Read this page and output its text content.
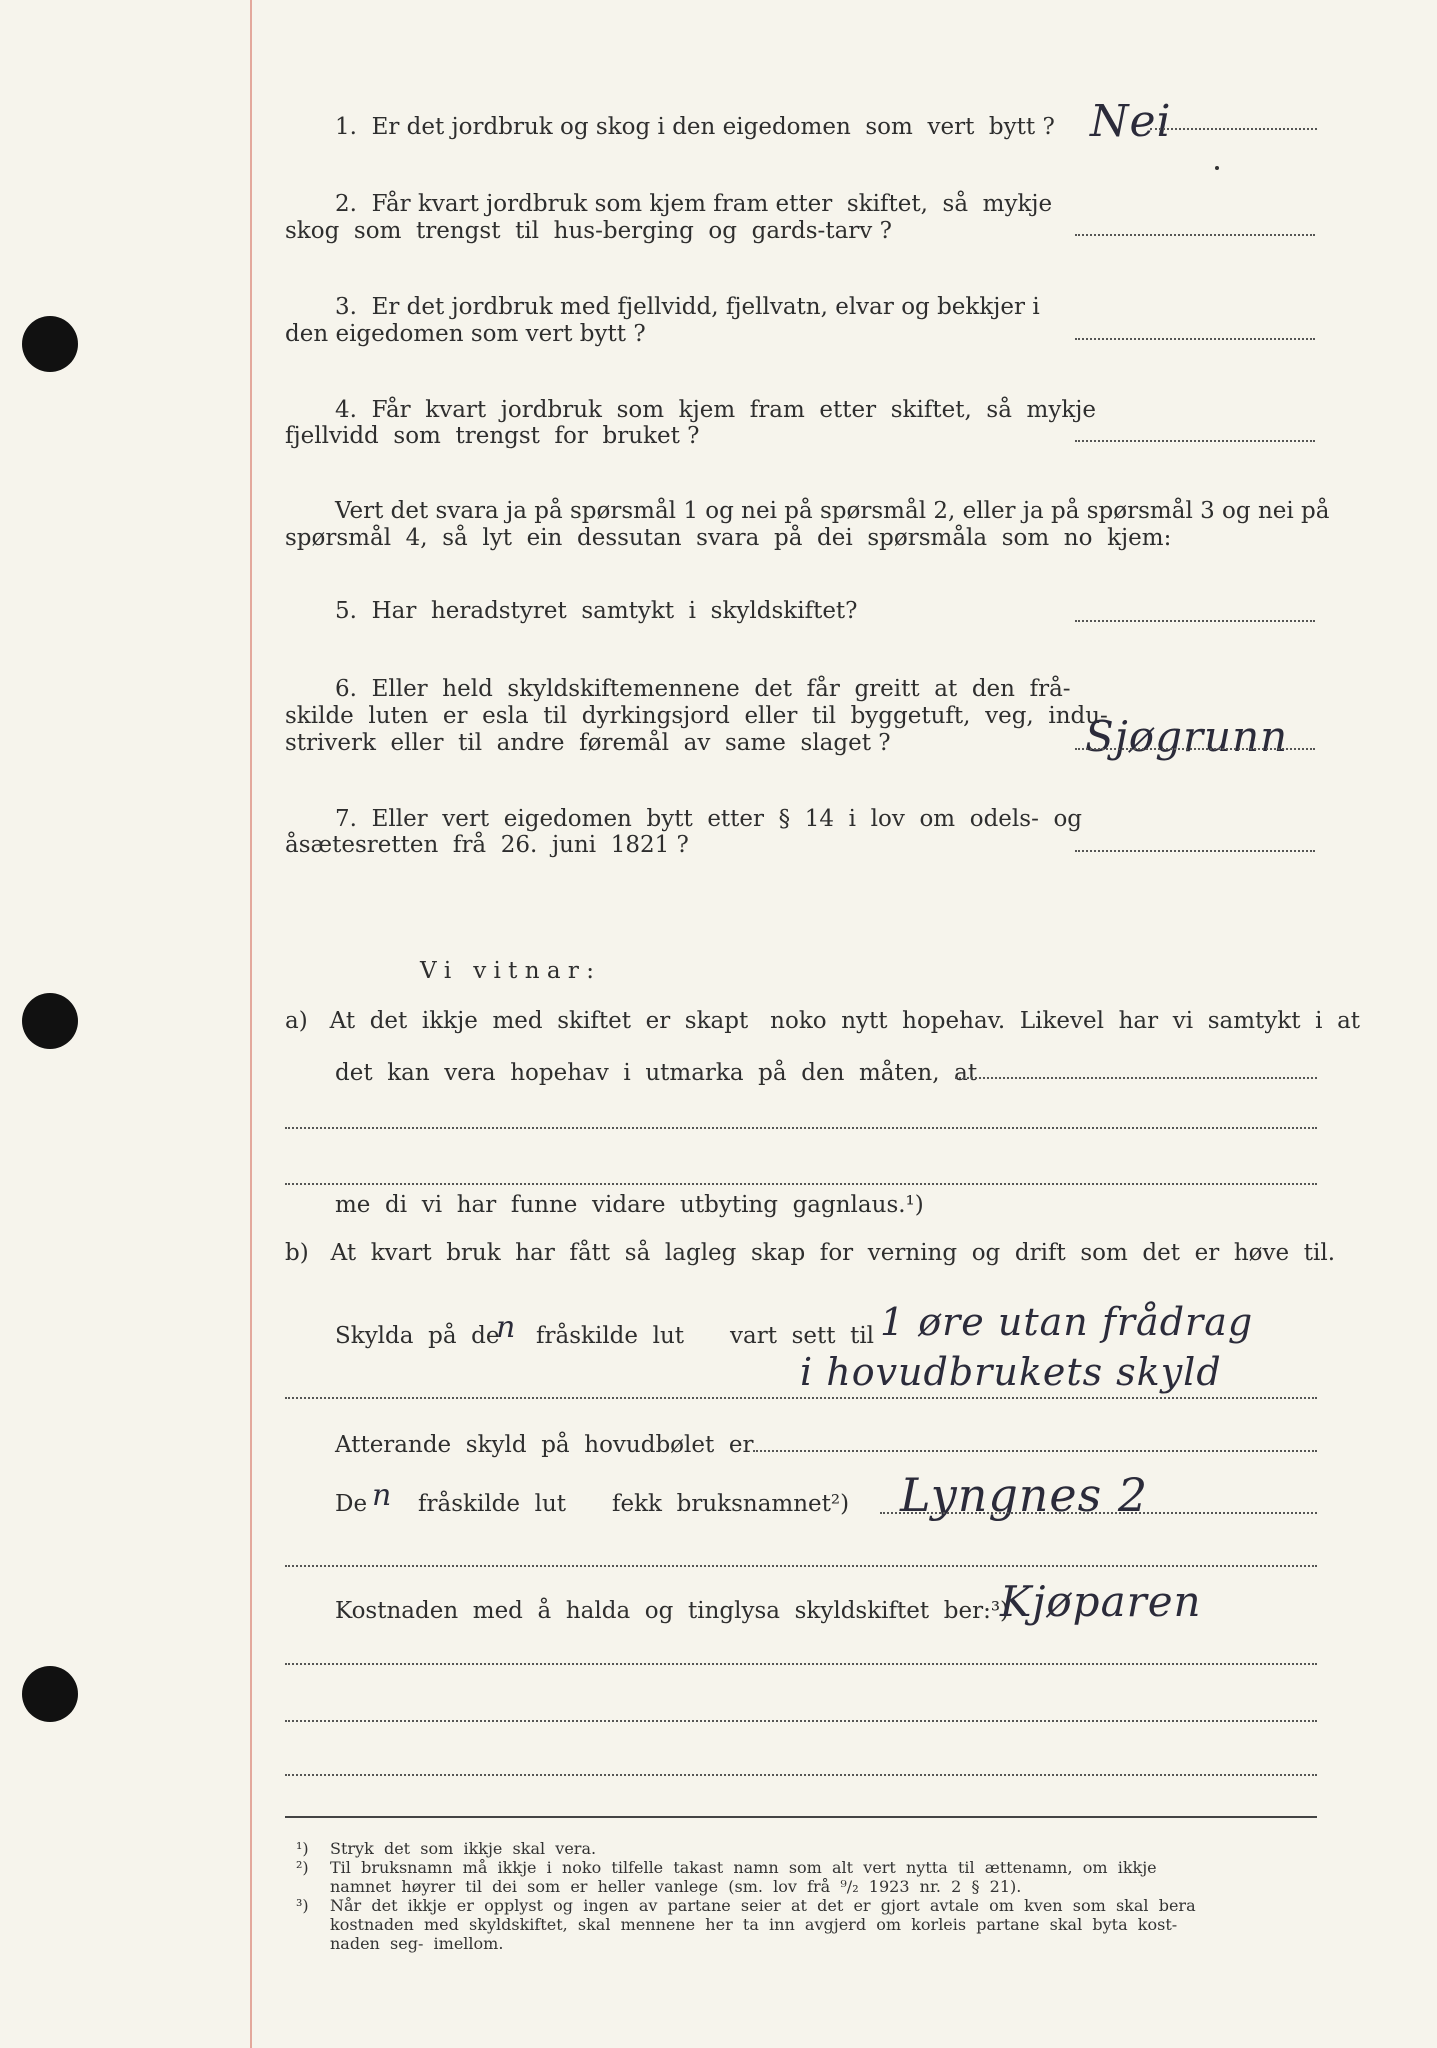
1.  Er det jordbruk og skog i den eigedomen  som  vert  bytt ? Nei
2.  Får kvart jordbruk som kjem fram etter  skiftet,  så  mykje
skog  som  trengst  til  hus-berging  og  gards-tarv ?
3.  Er det jordbruk med fjellvidd, fjellvatn, elvar og bekkjer i
den eigedomen som vert bytt ?
4.  Får  kvart  jordbruk  som  kjem  fram  etter  skiftet,  så  mykje
fjellvidd  som  trengst  for  bruket ?
Vert det svara ja på spørsmål 1 og nei på spørsmål 2, eller ja på spørsmål 3 og nei på
spørsmål  4,  så  lyt  ein  dessutan  svara  på  dei  spørsmåla  som  no  kjem:
5.  Har  heradstyret  samtykt  i  skyldskiftet?
6.  Eller  held  skyldskiftemennene  det  får  greitt  at  den  frå-
skilde  luten  er  esla  til  dyrkingsjord  eller  til  byggetuft,  veg,  indu-
striverk  eller  til  andre  føremål  av  same  slaget ?	Sjøgrunn
7.  Eller  vert  eigedomen  bytt  etter  §  14  i  lov  om  odels-  og
åsætesretten  frå  26.  juni  1821 ?
V i   v i t n a r :
a)   At  det  ikkje  med  skiftet  er  skapt   noko  nytt  hopehav.  Likevel  har  vi  samtykt  i  at
det  kan  vera  hopehav  i  utmarka  på  den  måten,  at
me  di  vi  har  funne  vidare  utbyting  gagnlaus.¹)
b)   At  kvart  bruk  har  fått  så  lagleg  skap  for  verning  og  drift  som  det  er  høve  til.
Skylda  på  de
n fråskilde  lut vart  sett  til 1 øre utan frådrag
i hovudbrukets skyld
Atterande  skyld  på  hovudbølet  er
De n fråskilde  lut fekk  bruksnamnet²) Lyngnes 2
Kostnaden  med  å  halda  og  tinglysa  skyldskiftet  ber:³)
Kjøparen
¹) Stryk  det  som  ikkje  skal  vera.
²) Til  bruksnamn  må  ikkje  i  noko  tilfelle  takast  namn  som  alt  vert  nytta  til  ættenamn,  om  ikkje
namnet  høyrer  til  dei  som  er  heller  vanlege  (sm.  lov  frå  ⁹/₂  1923  nr.  2  §  21).
³) Når  det  ikkje  er  opplyst  og  ingen  av  partane  seier  at  det  er  gjort  avtale  om  kven  som  skal  bera
kostnaden  med  skyldskiftet,  skal  mennene  her  ta  inn  avgjerd  om  korleis  partane  skal  byta  kost-
naden  seg-  imellom.
